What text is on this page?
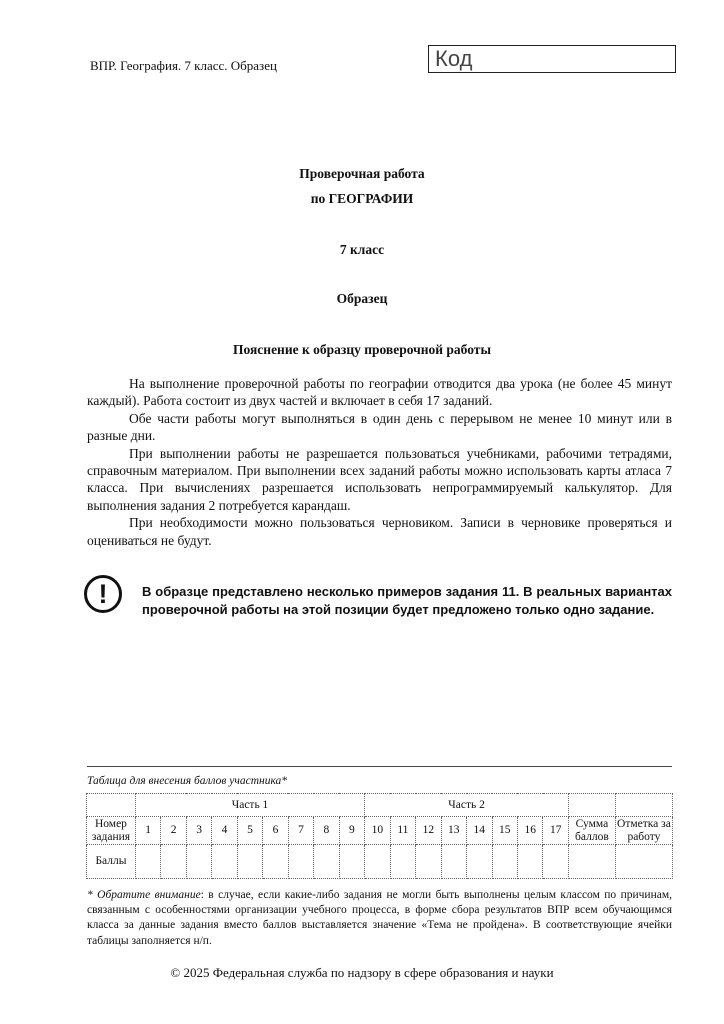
ВПР. География. 7 класс. Образец	Код
Проверочная работа
по ГЕОГРАФИИ
7 класс
Образец
Пояснение к образцу проверочной работы

На выполнение проверочной работы по географии отводится два урока (не более 45 минут каждый). Работа состоит из двух частей и включает в себя 17 заданий.

Обе части работы могут выполняться в один день с перерывом не менее 10 минут или в разные дни.

При выполнении работы не разрешается пользоваться учебниками, рабочими тетрадями, справочным материалом. При выполнении всех заданий работы можно использовать карты атласа 7 класса. При вычислениях разрешается использовать непрограммируемый калькулятор. Для выполнения задания 2 потребуется карандаш.

При необходимости можно пользоваться черновиком. Записи в черновике проверяться и оцениваться не будут.

!	В образце представлено несколько примеров задания 11. В реальных вариантах проверочной работы на этой позиции будет предложено только одно задание.
Таблица для внесения баллов участника*
	Часть 1									Часть 2									
Номер задания	1	2	3	4	5	6	7	8	9	10	11	12	13	14	15	16	17	Сумма баллов	Отметка за работу
Баллы																			
* Обратите внимание: в случае, если какие-либо задания не могли быть выполнены целым классом по причинам, связанным с особенностями организации учебного процесса, в форме сбора результатов ВПР всем обучающимся класса за данные задания вместо баллов выставляется значение «Тема не пройдена». В соответствующие ячейки таблицы заполняется н/п.
© 2025 Федеральная служба по надзору в сфере образования и науки
